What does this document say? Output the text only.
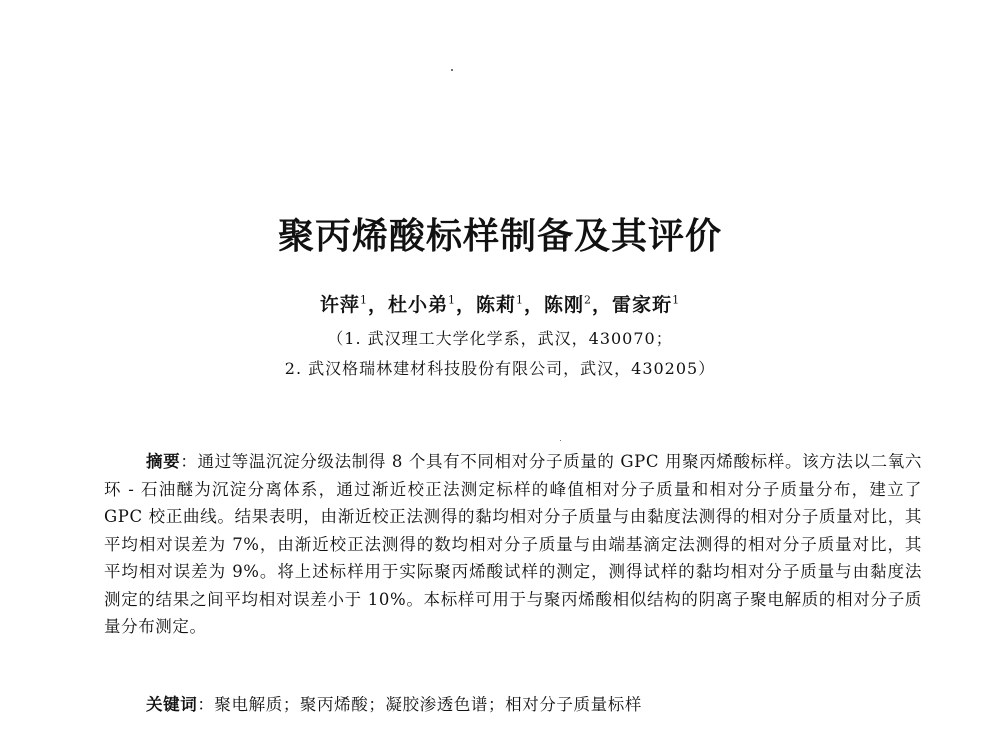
聚丙烯酸标样制备及其评价
许萍$^1$，杜小弟$^1$，陈莉$^1$，陈刚$^2$，雷家珩$^1$
（1. 武汉理工大学化学系，武汉，430070；
2. 武汉格瑞林建材科技股份有限公司，武汉，430205）
摘要：通过等温沉淀分级法制得 8 个具有不同相对分子质量的 GPC 用聚丙烯酸标样。该方法以二氧六环 - 石油醚为沉淀分离体系，通过渐近校正法测定标样的峰值相对分子质量和相对分子质量分布，建立了 GPC 校正曲线。结果表明，由渐近校正法测得的黏均相对分子质量与由黏度法测得的相对分子质量对比，其平均相对误差为 7%，由渐近校正法测得的数均相对分子质量与由端基滴定法测得的相对分子质量对比，其平均相对误差为 9%。将上述标样用于实际聚丙烯酸试样的测定，测得试样的黏均相对分子质量与由黏度法测定的结果之间平均相对误差小于 10%。本标样可用于与聚丙烯酸相似结构的阴离子聚电解质的相对分子质量分布测定。
关键词：聚电解质；聚丙烯酸；凝胶渗透色谱；相对分子质量标样
